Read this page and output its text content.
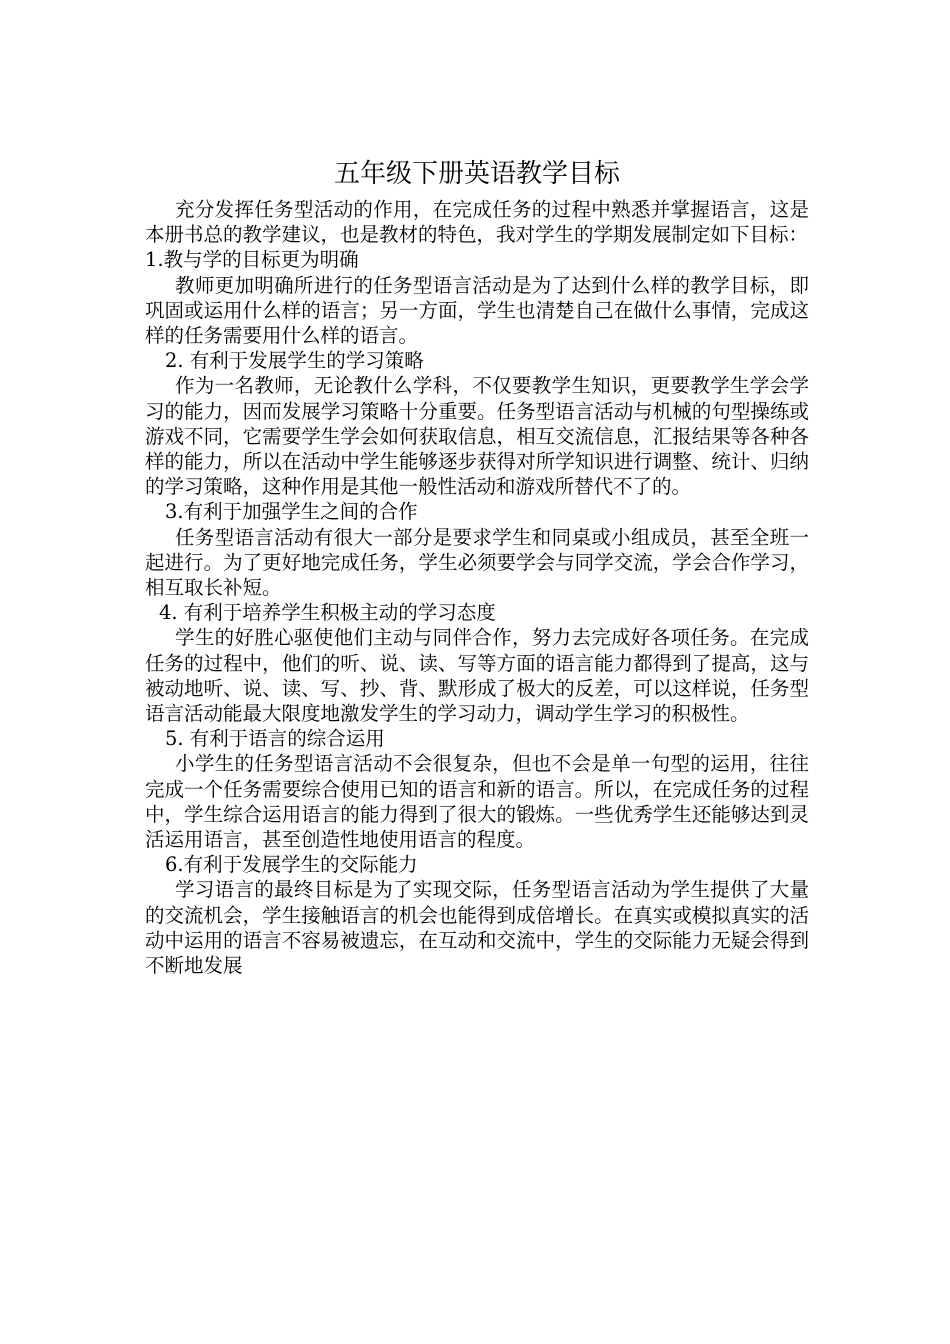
五年级下册英语教学目标

充分发挥任务型活动的作用，在完成任务的过程中熟悉并掌握语言，这是本册书总的教学建议，也是教材的特色，我对学生的学期发展制定如下目标：

1.教与学的目标更为明确

教师更加明确所进行的任务型语言活动是为了达到什么样的教学目标，即巩固或运用什么样的语言；另一方面，学生也清楚自己在做什么事情，完成这样的任务需要用什么样的语言。

2. 有利于发展学生的学习策略

作为一名教师，无论教什么学科，不仅要教学生知识，更要教学生学会学习的能力，因而发展学习策略十分重要。任务型语言活动与机械的句型操练或游戏不同，它需要学生学会如何获取信息，相互交流信息，汇报结果等各种各样的能力，所以在活动中学生能够逐步获得对所学知识进行调整、统计、归纳的学习策略，这种作用是其他一般性活动和游戏所替代不了的。

3.有利于加强学生之间的合作

任务型语言活动有很大一部分是要求学生和同桌或小组成员，甚至全班一起进行。为了更好地完成任务，学生必须要学会与同学交流，学会合作学习，相互取长补短。

4. 有利于培养学生积极主动的学习态度

学生的好胜心驱使他们主动与同伴合作，努力去完成好各项任务。在完成任务的过程中，他们的听、说、读、写等方面的语言能力都得到了提高，这与被动地听、说、读、写、抄、背、默形成了极大的反差，可以这样说，任务型语言活动能最大限度地激发学生的学习动力，调动学生学习的积极性。

5. 有利于语言的综合运用

小学生的任务型语言活动不会很复杂，但也不会是单一句型的运用，往往完成一个任务需要综合使用已知的语言和新的语言。所以，在完成任务的过程中，学生综合运用语言的能力得到了很大的锻炼。一些优秀学生还能够达到灵活运用语言，甚至创造性地使用语言的程度。

6.有利于发展学生的交际能力

学习语言的最终目标是为了实现交际，任务型语言活动为学生提供了大量的交流机会，学生接触语言的机会也能得到成倍增长。在真实或模拟真实的活动中运用的语言不容易被遗忘，在互动和交流中，学生的交际能力无疑会得到不断地发展
